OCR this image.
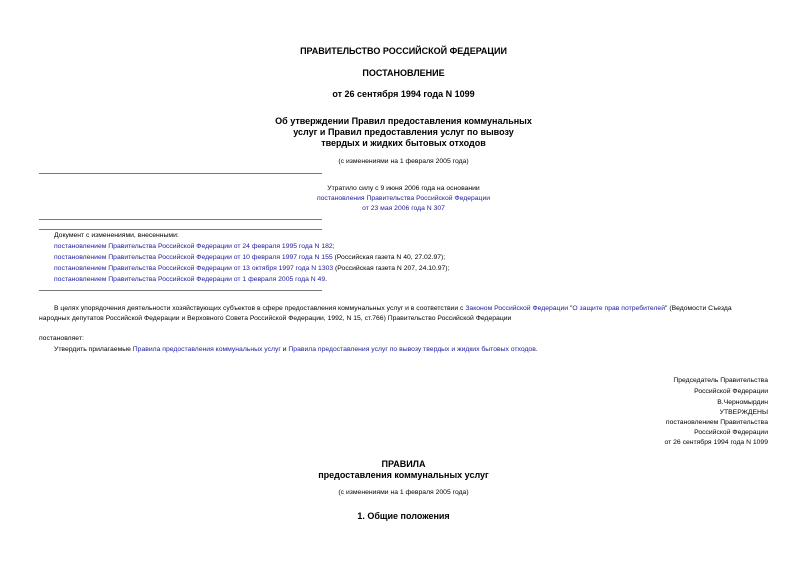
ПРАВИТЕЛЬСТВО РОССИЙСКОЙ ФЕДЕРАЦИИ
ПОСТАНОВЛЕНИЕ
от 26 сентября 1994 года N 1099
Об утверждении Правил предоставления коммунальных
услуг и Правил предоставления услуг по вывозу
твердых и жидких бытовых отходов
(с изменениями на 1 февраля 2005 года)
Утратило силу с 9 июня 2006 года на основании
постановления Правительства Российской Федерации
от 23 мая 2006 года N 307
Документ с изменениями, внесенными:
постановлением Правительства Российской Федерации от 24 февраля 1995 года N 182;
постановлением Правительства Российской Федерации от 10 февраля 1997 года N 155 (Российская газета N 40, 27.02.97);
постановлением Правительства Российской Федерации от 13 октября 1997 года N 1303 (Российская газета N 207, 24.10.97);
постановлением Правительства Российской Федерации от 1 февраля 2005 года N 49.
В целях упорядочения деятельности хозяйствующих субъектов в сфере предоставления коммунальных услуг и в соответствии с Законом Российской Федерации "О защите прав потребителей" (Ведомости Съезда
народных депутатов Российской Федерации и Верховного Совета Российской Федерации, 1992, N 15, ст.766) Правительство Российской Федерации
постановляет:
Утвердить прилагаемые Правила предоставления коммунальных услуг и Правила предоставления услуг по вывозу твердых и жидких бытовых отходов.
Председатель Правительства
Российской Федерации
В.Черномырдин
УТВЕРЖДЕНЫ
постановлением Правительства
Российской Федерации
от 26 сентября 1994 года N 1099
ПРАВИЛА
предоставления коммунальных услуг
(с изменениями на 1 февраля 2005 года)
1. Общие положения
